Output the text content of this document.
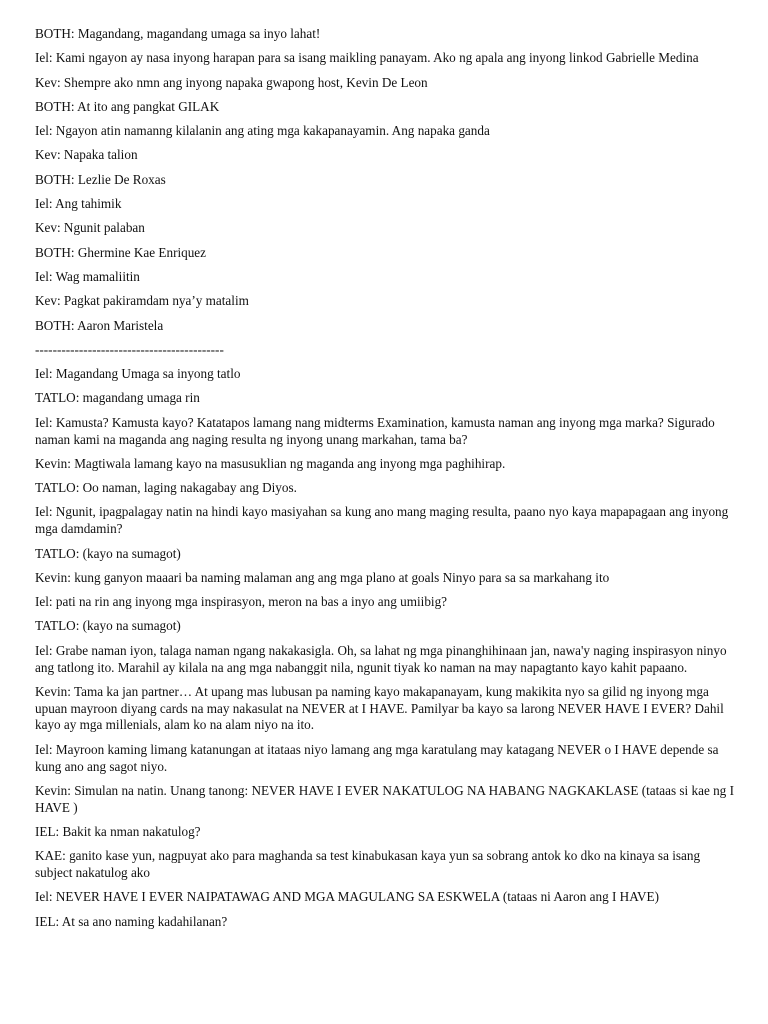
BOTH: Magandang, magandang umaga sa inyo lahat!

Iel: Kami ngayon ay nasa inyong harapan para sa isang maikling panayam. Ako ng apala ang inyong linkod Gabrielle Medina

Kev: Shempre ako nmn ang inyong napaka gwapong host, Kevin De Leon

BOTH: At ito ang pangkat GILAK

Iel: Ngayon atin namanng kilalanin ang ating mga kakapanayamin. Ang napaka ganda

Kev: Napaka talion

BOTH: Lezlie De Roxas

Iel: Ang tahimik

Kev: Ngunit palaban

BOTH: Ghermine Kae Enriquez

Iel: Wag mamaliitin

Kev: Pagkat pakiramdam nya’y matalim

BOTH: Aaron Maristela

-------------------------------------------

Iel: Magandang Umaga sa inyong tatlo

TATLO: magandang umaga rin

Iel: Kamusta? Kamusta kayo? Katatapos lamang nang midterms Examination, kamusta naman ang inyong mga marka? Sigurado naman kami na maganda ang naging resulta ng inyong unang markahan, tama ba?

Kevin: Magtiwala lamang kayo na masusuklian ng maganda ang inyong mga paghihirap.

TATLO: Oo naman, laging nakagabay ang Diyos.

Iel: Ngunit, ipagpalagay natin na hindi kayo masiyahan sa kung ano mang maging resulta, paano nyo kaya mapapagaan ang inyong mga damdamin?

TATLO: (kayo na sumagot)

Kevin: kung ganyon maaari ba naming malaman ang ang mga plano at goals Ninyo para sa sa markahang ito

Iel: pati na rin ang inyong mga inspirasyon, meron na bas a inyo ang umiibig?

TATLO: (kayo na sumagot)

Iel: Grabe naman iyon, talaga naman ngang nakakasigla. Oh, sa lahat ng mga pinanghihinaan jan, nawa'y naging inspirasyon ninyo ang tatlong ito. Marahil ay kilala na ang mga nabanggit nila, ngunit tiyak ko naman na may napagtanto kayo kahit papaano.

Kevin: Tama ka jan partner… At upang mas lubusan pa naming kayo makapanayam, kung makikita nyo sa gilid ng inyong mga upuan mayroon diyang cards na may nakasulat na NEVER at I HAVE. Pamilyar ba kayo sa larong NEVER HAVE I EVER? Dahil kayo ay mga millenials, alam ko na alam niyo na ito.

Iel: Mayroon kaming limang katanungan at itataas niyo lamang ang mga karatulang may katagang NEVER o I HAVE depende sa kung ano ang sagot niyo.

Kevin: Simulan na natin. Unang tanong: NEVER HAVE I EVER NAKATULOG NA HABANG NAGKAKLASE (tataas si kae ng I HAVE )

IEL: Bakit ka nman nakatulog?

KAE: ganito kase yun, nagpuyat ako para maghanda sa test kinabukasan kaya yun sa sobrang antok ko dko na kinaya sa isang subject nakatulog ako

Iel: NEVER HAVE I EVER NAIPATAWAG AND MGA MAGULANG SA ESKWELA (tataas ni Aaron ang I HAVE)

IEL: At sa ano naming kadahilanan?
